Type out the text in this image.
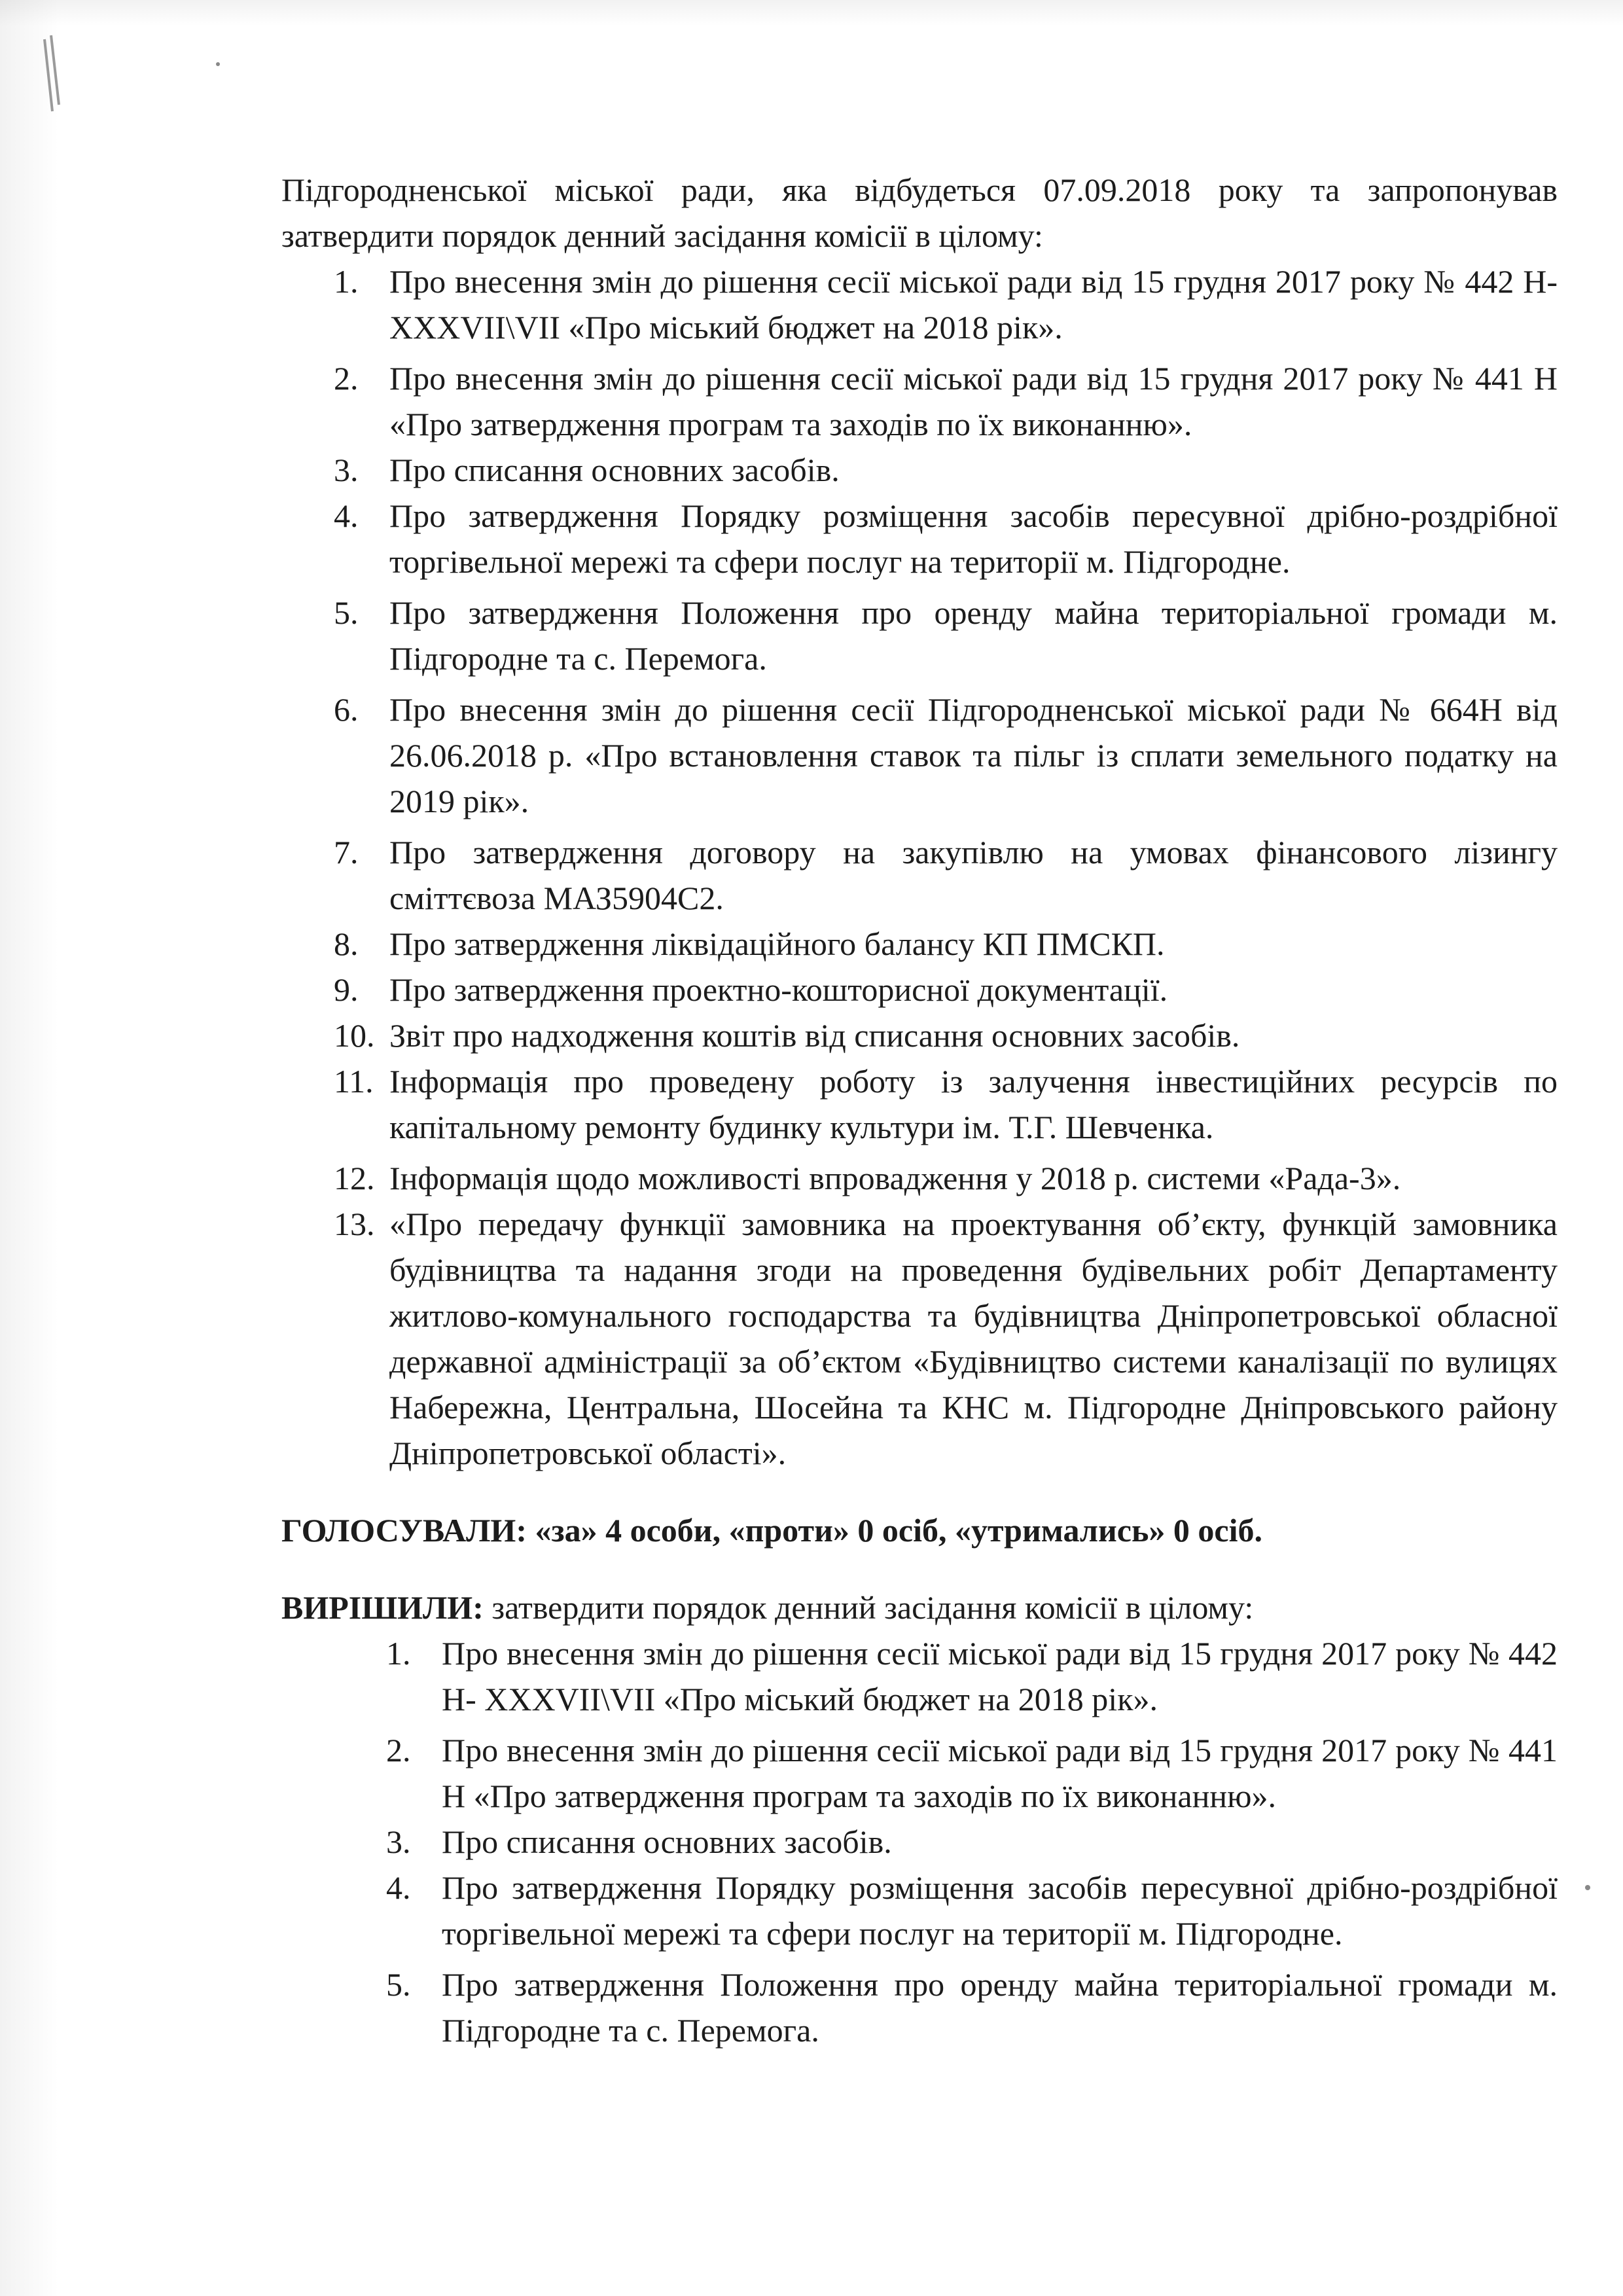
Підгородненської міської ради, яка відбудеться 07.09.2018 року та запропонував затвердити порядок денний засідання комісії в цілому:
1. Про внесення змін до рішення сесії міської ради від 15 грудня 2017 року № 442 Н- XXXVII\VII «Про міський бюджет на 2018 рік».
2. Про внесення змін до рішення сесії міської ради від 15 грудня 2017 року № 441 Н «Про затвердження програм та заходів по їх виконанню».
3. Про списання основних засобів.
4. Про затвердження Порядку розміщення засобів пересувної дрібно-роздрібної торгівельної мережі та сфери послуг на території м. Підгородне.
5. Про затвердження Положення про оренду майна територіальної громади м. Підгородне та с. Перемога.
6. Про внесення змін до рішення сесії Підгородненської міської ради № 664Н від 26.06.2018 р. «Про встановлення ставок та пільг із сплати земельного податку на 2019 рік».
7. Про затвердження договору на закупівлю на умовах фінансового лізингу сміттєвоза МАЗ5904С2.
8. Про затвердження ліквідаційного балансу КП ПМСКП.
9. Про затвердження проектно-кошторисної документації.
10. Звіт про надходження коштів від списання основних засобів.
11. Інформація про проведену роботу із залучення інвестиційних ресурсів по капітальному ремонту будинку культури ім. Т.Г. Шевченка.
12. Інформація щодо можливості впровадження у 2018 р. системи «Рада-3».
13. «Про передачу функції замовника на проектування об’єкту, функцій замовника будівництва та надання згоди на проведення будівельних робіт Департаменту житлово-комунального господарства та будівництва Дніпропетровської обласної державної адміністрації за об’єктом «Будівництво системи каналізації по вулицях Набережна, Центральна, Шосейна та КНС м. Підгородне Дніпровського району Дніпропетровської області».
ГОЛОСУВАЛИ: «за» 4 особи, «проти» 0 осіб, «утримались» 0 осіб.
ВИРІШИЛИ: затвердити порядок денний засідання комісії в цілому:
1. Про внесення змін до рішення сесії міської ради від 15 грудня 2017 року № 442 Н- XXXVII\VII «Про міський бюджет на 2018 рік».
2. Про внесення змін до рішення сесії міської ради від 15 грудня 2017 року № 441 Н «Про затвердження програм та заходів по їх виконанню».
3. Про списання основних засобів.
4. Про затвердження Порядку розміщення засобів пересувної дрібно-роздрібної торгівельної мережі та сфери послуг на території м. Підгородне.
5. Про затвердження Положення про оренду майна територіальної громади м. Підгородне та с. Перемога.
